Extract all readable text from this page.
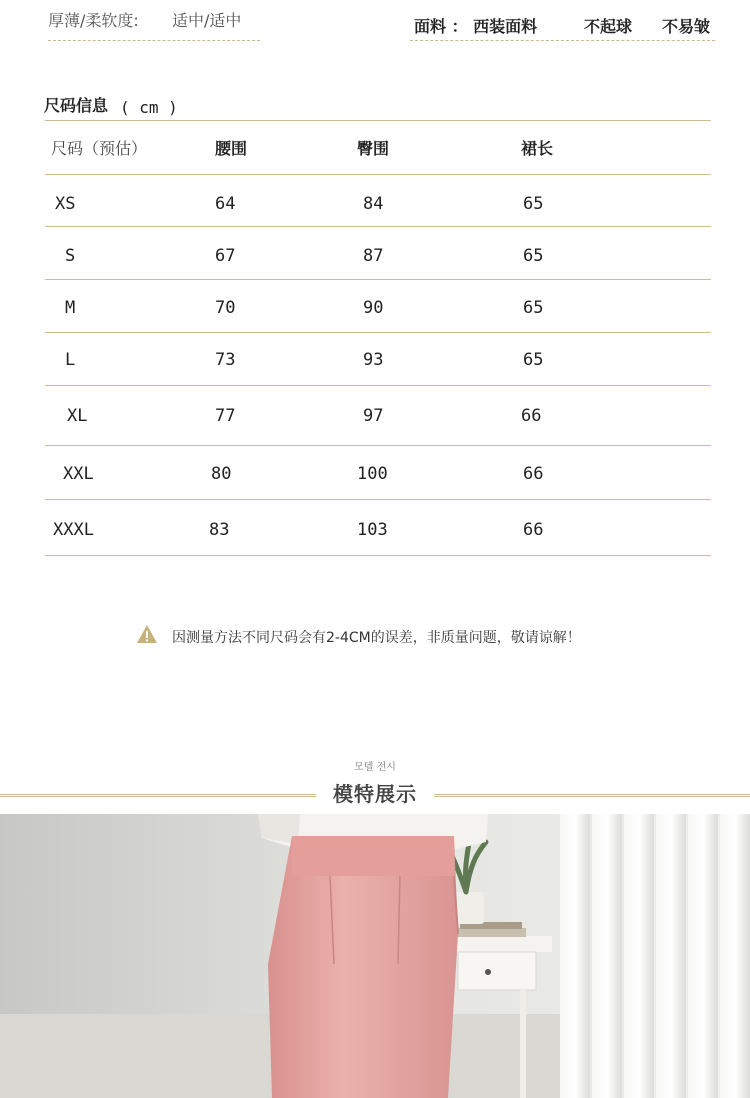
厚薄/柔软度: 适中/适中	面料 ： 西装面料	不起球 不易皱
尺码信息 ( cm )
尺码（预估）	腰围	臀围	裙长
XS	64	84	65
S	67	87	65
M	70	90	65
L	73	93	65
XL	77	97	66
XXL	80	100	66
XXXL	83	103	66
因测量方法不同尺码会有2-4CM的误差，非质量问题，敬请谅解！
모델 전시
模特展示
